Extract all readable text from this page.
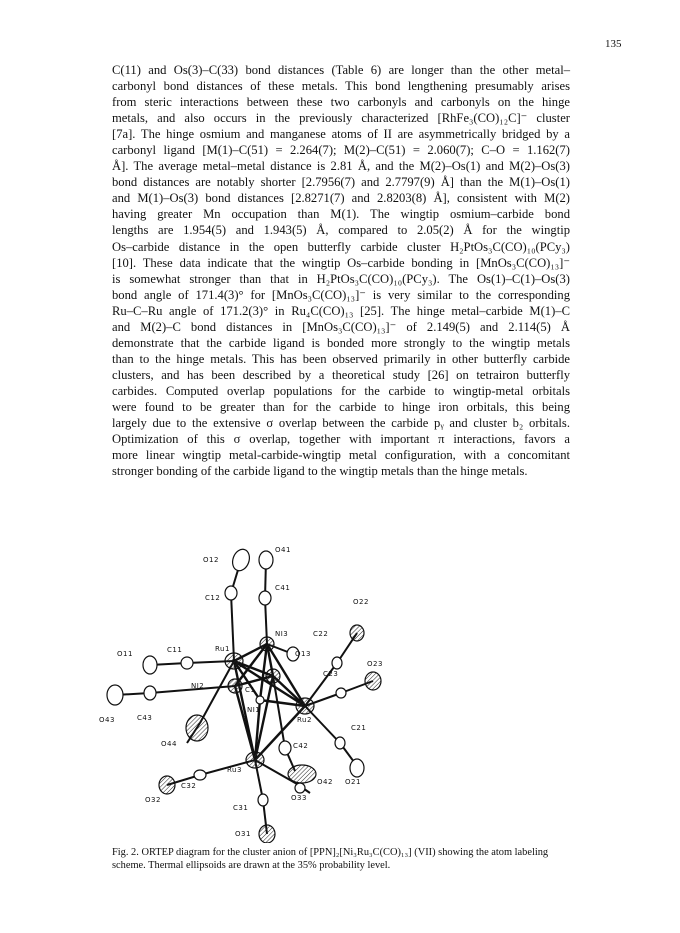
135
C(11) and Os(3)–C(33) bond distances (Table 6) are longer than the other metal–
carbonyl bond distances of these metals. This bond lengthening presumably arises
from steric interactions between these two carbonyls and carbonyls on the hinge
metals, and also occurs in the previously characterized [RhFe₃(CO)₁₂C]⁻ cluster
[7a]. The hinge osmium and manganese atoms of II are asymmetrically bridged by a
carbonyl ligand [M(1)–C(51) = 2.264(7); M(2)–C(51) = 2.060(7); C–O = 1.162(7)
Å]. The average metal–metal distance is 2.81 Å, and the M(2)–Os(1) and M(2)–Os(3)
bond distances are notably shorter [2.7956(7) and 2.7797(9) Å] than the M(1)–Os(1)
and M(1)–Os(3) bond distances [2.8271(7) and 2.8203(8) Å], consistent with M(2)
having greater Mn occupation than M(1). The wingtip osmium–carbide bond
lengths are 1.954(5) and 1.943(5) Å, compared to 2.05(2) Å for the wingtip
Os–carbide distance in the open butterfly carbide cluster H₂PtOs₃C(CO)₁₀(PCy₃)
[10]. These data indicate that the wingtip Os–carbide bonding in [MnOs₃C(CO)₁₃]⁻
is somewhat stronger than that in H₂PtOs₃C(CO)₁₀(PCy₃). The Os(1)–C(1)–Os(3)
bond angle of 171.4(3)° for [MnOs₃C(CO)₁₃]⁻ is very similar to the corresponding
Ru–C–Ru angle of 171.2(3)° in Ru₄C(CO)₁₃ [25]. The hinge metal–carbide M(1)–C
and M(2)–C bond distances in [MnOs₃C(CO)₁₃]⁻ of 2.149(5) and 2.114(5) Å
demonstrate that the carbide ligand is bonded more strongly to the wingtip metals
than to the hinge metals. This has been observed primarily in other butterfly carbide
clusters, and has been described by a theoretical study [26] on tetrairon butterfly
carbides. Computed overlap populations for the carbide to wingtip-metal orbitals
were found to be greater than for the carbide to hinge iron orbitals, this being
largely due to the extensive σ overlap between the carbide pᵧ and cluster b₂ orbitals.
Optimization of this σ overlap, together with important π interactions, favors a
more linear wingtip metal-carbide-wingtip metal configuration, with a concomitant
stronger bonding of the carbide ligand to the wingtip metals than the hinge metals.
O41
O12
C41
C12	O22
NI3	C22
O11	C11	Ru1
O13
O23
C23
NI2	C1
NI1
O43	C43	Ru2
C21
O44	C42
Ru3
C32	O42 O21
O32
C31
O33
O31
Fig. 2. ORTEP diagram for the cluster anion of [PPN]₂[Ni₃Ru₃C(CO)₁₃] (VII) showing the atom labeling scheme. Thermal ellipsoids are drawn at the 35% probability level.
